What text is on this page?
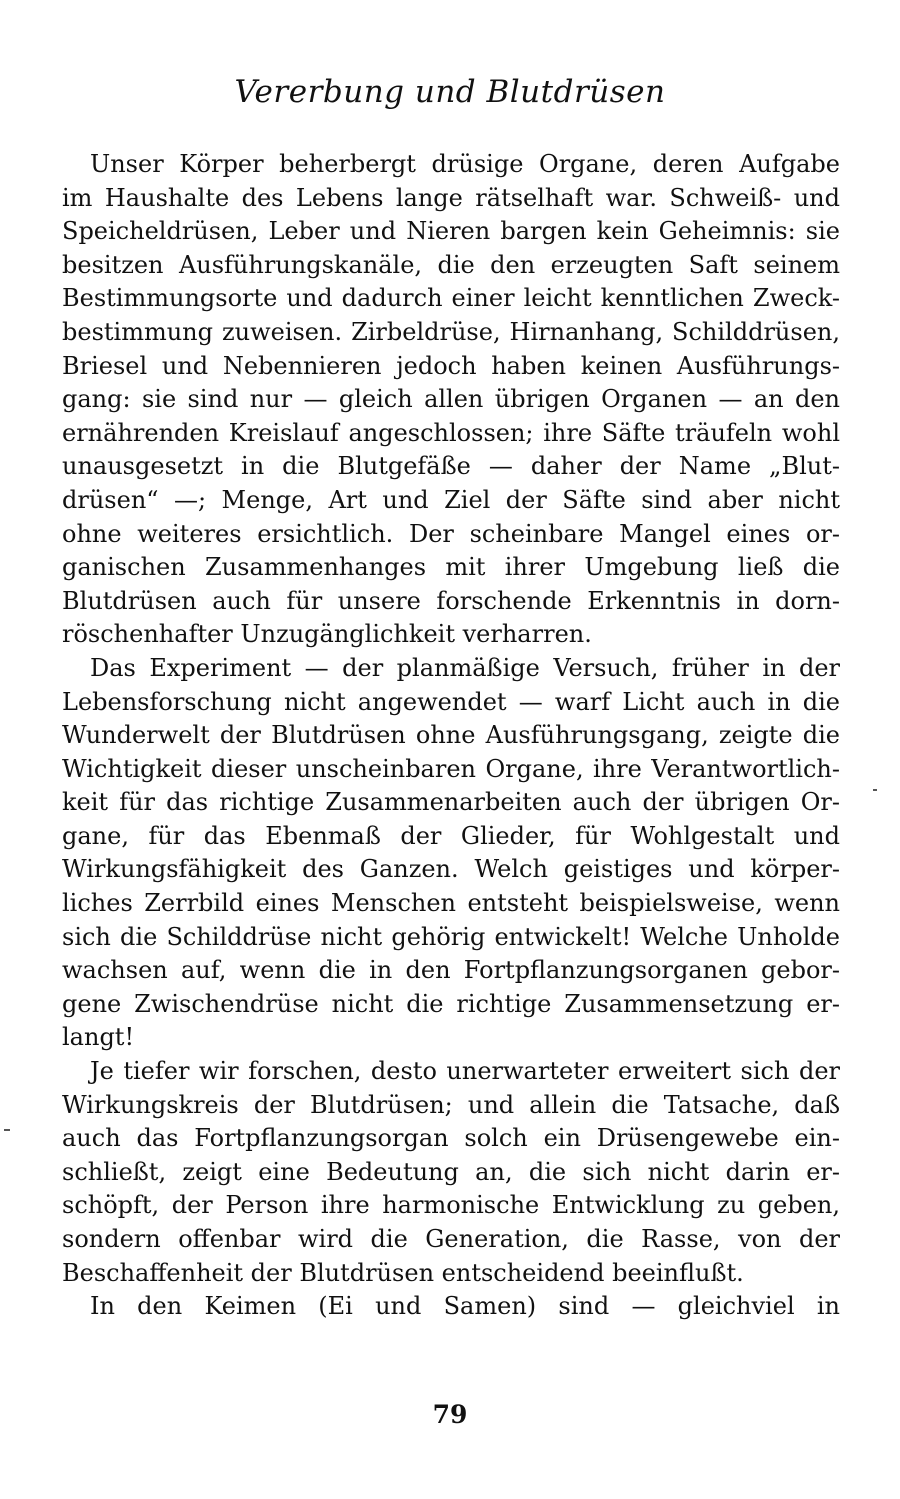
Vererbung und Blutdrüsen
Unser Körper beherbergt drüsige Organe, deren Aufgabe
im Haushalte des Lebens lange rätselhaft war. Schweiß- und
Speicheldrüsen, Leber und Nieren bargen kein Geheimnis: sie
besitzen Ausführungskanäle, die den erzeugten Saft seinem
Bestimmungsorte und dadurch einer leicht kenntlichen Zweck-
bestimmung zuweisen. Zirbeldrüse, Hirnanhang, Schilddrüsen,
Briesel und Nebennieren jedoch haben keinen Ausführungs-
gang: sie sind nur — gleich allen übrigen Organen — an den
ernährenden Kreislauf angeschlossen; ihre Säfte träufeln wohl
unausgesetzt in die Blutgefäße — daher der Name „Blut-
drüsen“ —; Menge, Art und Ziel der Säfte sind aber nicht
ohne weiteres ersichtlich. Der scheinbare Mangel eines or-
ganischen Zusammenhanges mit ihrer Umgebung ließ die
Blutdrüsen auch für unsere forschende Erkenntnis in dorn-
röschenhafter Unzugänglichkeit verharren.
Das Experiment — der planmäßige Versuch, früher in der
Lebensforschung nicht angewendet — warf Licht auch in die
Wunderwelt der Blutdrüsen ohne Ausführungsgang, zeigte die
Wichtigkeit dieser unscheinbaren Organe, ihre Verantwortlich-
keit für das richtige Zusammenarbeiten auch der übrigen Or-
gane, für das Ebenmaß der Glieder, für Wohlgestalt und
Wirkungsfähigkeit des Ganzen. Welch geistiges und körper-
liches Zerrbild eines Menschen entsteht beispielsweise, wenn
sich die Schilddrüse nicht gehörig entwickelt! Welche Unholde
wachsen auf, wenn die in den Fortpflanzungsorganen gebor-
gene Zwischendrüse nicht die richtige Zusammensetzung er-
langt!
Je tiefer wir forschen, desto unerwarteter erweitert sich der
Wirkungskreis der Blutdrüsen; und allein die Tatsache, daß
auch das Fortpflanzungsorgan solch ein Drüsengewebe ein-
schließt, zeigt eine Bedeutung an, die sich nicht darin er-
schöpft, der Person ihre harmonische Entwicklung zu geben,
sondern offenbar wird die Generation, die Rasse, von der
Beschaffenheit der Blutdrüsen entscheidend beeinflußt.
In den Keimen (Ei und Samen) sind — gleichviel in
79
